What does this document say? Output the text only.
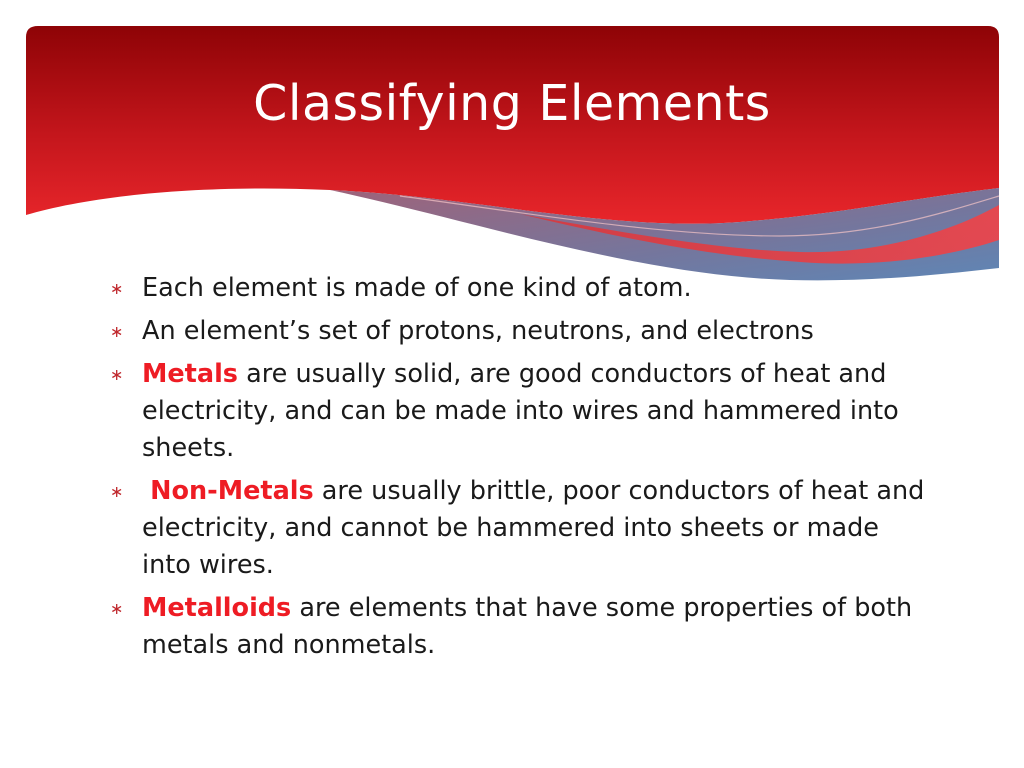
Classifying Elements
∗ Each element is made of one kind of atom.
∗ An element’s set of protons, neutrons, and electrons
∗ Metals are usually solid, are good conductors of heat and electricity, and can be made into wires and hammered into sheets.
∗	Non-Metals are usually brittle, poor conductors of heat and electricity, and cannot be hammered into sheets or made into wires.
∗ Metalloids are elements that have some properties of both metals and nonmetals.
